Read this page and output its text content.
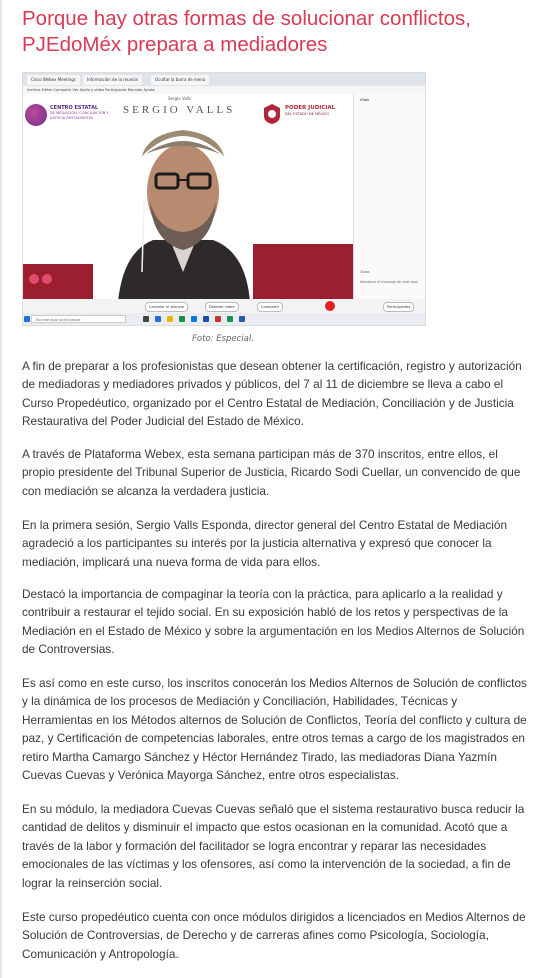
Porque hay otras formas de solucionar conflictos, PJEdoMéx prepara a mediadores
Cisco Webex Meetings	Información de la reunión	Ocultar la barra de menú
Archivo Editar Compartir Ver Audio y vídeo Participante Reunión Ayuda
CENTRO ESTATAL
DE MEDIACIÓN, CONCILIACIÓN Y JUSTICIA RESTAURATIVA
Sergio Valls
SERGIO VALLS	PODER JUDICIAL
DEL ESTADO DE MÉXICO
Chat
Todos
Introduce el mensaje de chat aquí
Cancelar el silencio	Detener vídeo	Compartir	Participantes
Escribe aquí para buscar

Foto: Especial.

A fin de preparar a los profesionistas que desean obtener la certificación, registro y autorización de mediadoras y mediadores privados y públicos, del 7 al 11 de diciembre se lleva a cabo el Curso Propedéutico, organizado por el Centro Estatal de Mediación, Conciliación y de Justicia Restaurativa del Poder Judicial del Estado de México.

A través de Plataforma Webex, esta semana participan más de 370 inscritos, entre ellos, el propio presidente del Tribunal Superior de Justicia, Ricardo Sodi Cuellar, un convencido de que con mediación se alcanza la verdadera justicia.

En la primera sesión, Sergio Valls Esponda, director general del Centro Estatal de Mediación agradeció a los participantes su interés por la justicia alternativa y expresó que conocer la mediación, implicará una nueva forma de vida para ellos.

Destacó la importancia de compaginar la teoría con la práctica, para aplicarlo a la realidad y contribuir a restaurar el tejido social. En su exposición habló de los retos y perspectivas de la Mediación en el Estado de México y sobre la argumentación en los Medios Alternos de Solución de Controversias.

Es así como en este curso, los inscritos conocerán los Medios Alternos de Solución de conflictos y la dinámica de los procesos de Mediación y Conciliación, Habilidades, Técnicas y Herramientas en los Métodos alternos de Solución de Conflictos, Teoría del conflicto y cultura de paz, y Certificación de competencias laborales, entre otros temas a cargo de los magistrados en retiro Martha Camargo Sánchez y Héctor Hernández Tirado, las mediadoras Diana Yazmín Cuevas Cuevas y Verónica Mayorga Sánchez, entre otros especialistas.

En su módulo, la mediadora Cuevas Cuevas señaló que el sistema restaurativo busca reducir la cantidad de delitos y disminuir el impacto que estos ocasionan en la comunidad. Acotó que a través de la labor y formación del facilitador se logra encontrar y reparar las necesidades emocionales de las víctimas y los ofensores, así como la intervención de la sociedad, a fin de lograr la reinserción social.

Este curso propedéutico cuenta con once módulos dirigidos a licenciados en Medios Alternos de Solución de Controversias, de Derecho y de carreras afines como Psicología, Sociología, Comunicación y Antropología.
